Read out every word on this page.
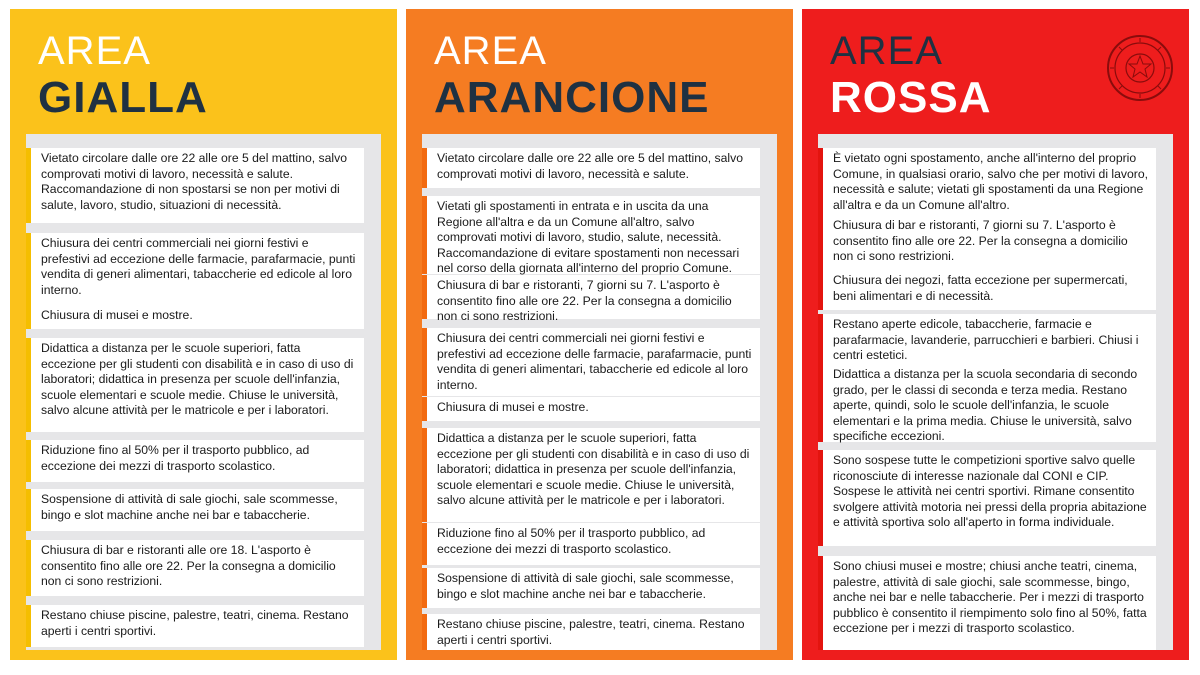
AREA
GIALLA
Vietato circolare dalle ore 22 alle ore 5 del mattino, salvo comprovati motivi di lavoro, necessità e salute. Raccomandazione di non spostarsi se non per motivi di salute, lavoro, studio, situazioni di necessità.
Chiusura dei centri commerciali nei giorni festivi e prefestivi ad eccezione delle farmacie, parafarmacie, punti vendita di generi alimentari, tabaccherie ed edicole al loro interno.
Chiusura di musei e mostre.
Didattica a distanza per le scuole superiori, fatta eccezione per gli studenti con disabilità e in caso di uso di laboratori; didattica in presenza per scuole dell'infanzia, scuole elementari e scuole medie. Chiuse le università, salvo alcune attività per le matricole e per i laboratori.
Riduzione fino al 50% per il trasporto pubblico, ad eccezione dei mezzi di trasporto scolastico.
Sospensione di attività di sale giochi, sale scommesse, bingo e slot machine anche nei bar e tabaccherie.
Chiusura di bar e ristoranti alle ore 18. L'asporto è consentito fino alle ore 22. Per la consegna a domicilio non ci sono restrizioni.
Restano chiuse piscine, palestre, teatri, cinema. Restano aperti i centri sportivi.
AREA
ARANCIONE
Vietato circolare dalle ore 22 alle ore 5 del mattino, salvo comprovati motivi di lavoro, necessità e salute.
Vietati gli spostamenti in entrata e in uscita da una Regione all'altra e da un Comune all'altro, salvo comprovati motivi di lavoro, studio, salute, necessità. Raccomandazione di evitare spostamenti non necessari nel corso della giornata all'interno del proprio Comune.
Chiusura di bar e ristoranti, 7 giorni su 7. L'asporto è consentito fino alle ore 22. Per la consegna a domicilio non ci sono restrizioni.
Chiusura dei centri commerciali nei giorni festivi e prefestivi ad eccezione delle farmacie, parafarmacie, punti vendita di generi alimentari, tabaccherie ed edicole al loro interno.
Chiusura di musei e mostre.
Didattica a distanza per le scuole superiori, fatta eccezione per gli studenti con disabilità e in caso di uso di laboratori; didattica in presenza per scuole dell'infanzia, scuole elementari e scuole medie. Chiuse le università, salvo alcune attività per le matricole e per i laboratori.
Riduzione fino al 50% per il trasporto pubblico, ad eccezione dei mezzi di trasporto scolastico.
Sospensione di attività di sale giochi, sale scommesse, bingo e slot machine anche nei bar e tabaccherie.
Restano chiuse piscine, palestre, teatri, cinema. Restano aperti i centri sportivi.
AREA
ROSSA
È vietato ogni spostamento, anche all'interno del proprio Comune, in qualsiasi orario, salvo che per motivi di lavoro, necessità e salute; vietati gli spostamenti da una Regione all'altra e da un Comune all'altro.
Chiusura di bar e ristoranti, 7 giorni su 7. L'asporto è consentito fino alle ore 22. Per la consegna a domicilio non ci sono restrizioni.
Chiusura dei negozi, fatta eccezione per supermercati, beni alimentari e di necessità.
Restano aperte edicole, tabaccherie, farmacie e parafarmacie, lavanderie, parrucchieri e barbieri. Chiusi i centri estetici.
Didattica a distanza per la scuola secondaria di secondo grado, per le classi di seconda e terza media. Restano aperte, quindi, solo le scuole dell'infanzia, le scuole elementari e la prima media. Chiuse le università, salvo specifiche eccezioni.
Sono sospese tutte le competizioni sportive salvo quelle riconosciute di interesse nazionale dal CONI e CIP. Sospese le attività nei centri sportivi. Rimane consentito svolgere attività motoria nei pressi della propria abitazione e attività sportiva solo all'aperto in forma individuale.
Sono chiusi musei e mostre; chiusi anche teatri, cinema, palestre, attività di sale giochi, sale scommesse, bingo, anche nei bar e nelle tabaccherie. Per i mezzi di trasporto pubblico è consentito il riempimento solo fino al 50%, fatta eccezione per i mezzi di trasporto scolastico.
